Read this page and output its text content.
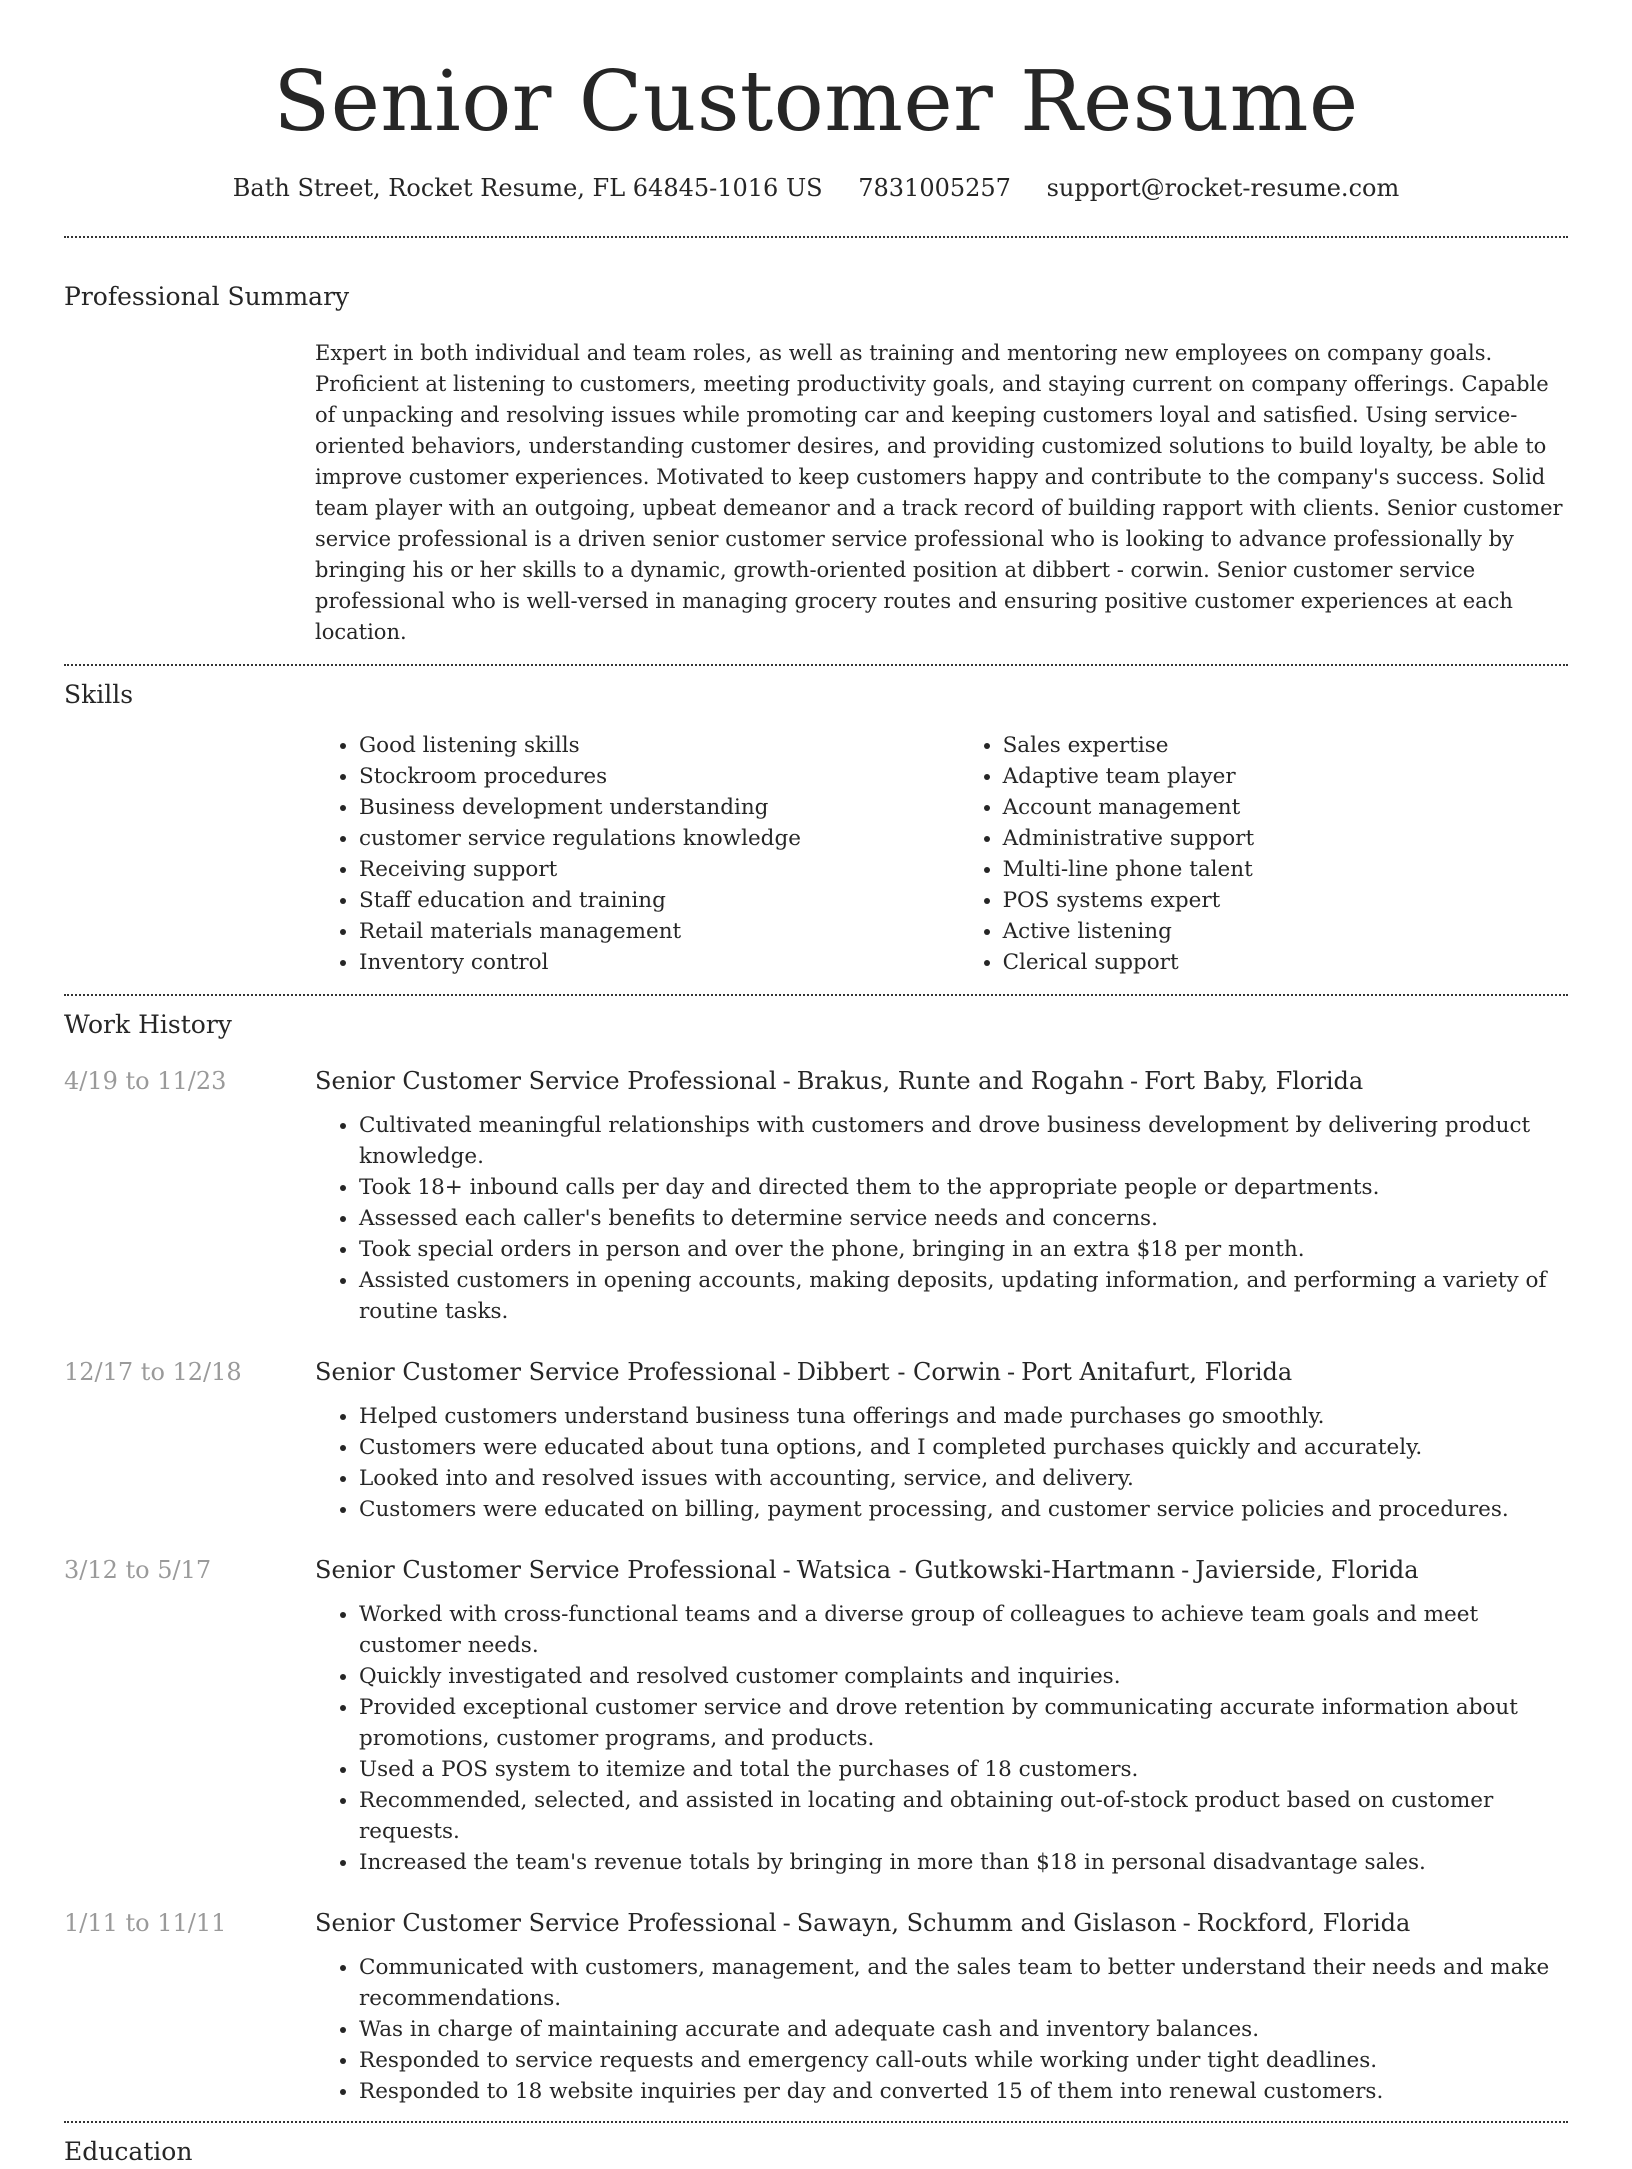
Senior Customer Resume
Bath Street, Rocket Resume, FL 64845-1016 US 7831005257 support@rocket-resume.com
Professional Summary

Expert in both individual and team roles, as well as training and mentoring new employees on company goals. Proficient at listening to customers, meeting productivity goals, and staying current on company offerings. Capable of unpacking and resolving issues while promoting car and keeping customers loyal and satisfied. Using service-oriented behaviors, understanding customer desires, and providing customized solutions to build loyalty, be able to improve customer experiences. Motivated to keep customers happy and contribute to the company's success. Solid team player with an outgoing, upbeat demeanor and a track record of building rapport with clients. Senior customer service professional is a driven senior customer service professional who is looking to advance professionally by bringing his or her skills to a dynamic, growth-oriented position at dibbert - corwin. Senior customer service professional who is well-versed in managing grocery routes and ensuring positive customer experiences at each location.

Skills
• Good listening skills
• Stockroom procedures
• Business development understanding
• customer service regulations knowledge
• Receiving support
• Staff education and training
• Retail materials management
• Inventory control
• Sales expertise
• Adaptive team player
• Account management
• Administrative support
• Multi-line phone talent
• POS systems expert
• Active listening
• Clerical support
Work History
4/19 to 11/23	Senior Customer Service Professional - Brakus, Runte and Rogahn - Fort Baby, Florida
• Cultivated meaningful relationships with customers and drove business development by delivering product knowledge.
• Took 18+ inbound calls per day and directed them to the appropriate people or departments.
• Assessed each caller's benefits to determine service needs and concerns.
• Took special orders in person and over the phone, bringing in an extra $18 per month.
• Assisted customers in opening accounts, making deposits, updating information, and performing a variety of routine tasks.
12/17 to 12/18	Senior Customer Service Professional - Dibbert - Corwin - Port Anitafurt, Florida
• Helped customers understand business tuna offerings and made purchases go smoothly.
• Customers were educated about tuna options, and I completed purchases quickly and accurately.
• Looked into and resolved issues with accounting, service, and delivery.
• Customers were educated on billing, payment processing, and customer service policies and procedures.
3/12 to 5/17	Senior Customer Service Professional - Watsica - Gutkowski-Hartmann - Javierside, Florida
• Worked with cross-functional teams and a diverse group of colleagues to achieve team goals and meet customer needs.
• Quickly investigated and resolved customer complaints and inquiries.
• Provided exceptional customer service and drove retention by communicating accurate information about promotions, customer programs, and products.
• Used a POS system to itemize and total the purchases of 18 customers.
• Recommended, selected, and assisted in locating and obtaining out-of-stock product based on customer requests.
• Increased the team's revenue totals by bringing in more than $18 in personal disadvantage sales.
1/11 to 11/11	Senior Customer Service Professional - Sawayn, Schumm and Gislason - Rockford, Florida
• Communicated with customers, management, and the sales team to better understand their needs and make recommendations.
• Was in charge of maintaining accurate and adequate cash and inventory balances.
• Responded to service requests and emergency call-outs while working under tight deadlines.
• Responded to 18 website inquiries per day and converted 15 of them into renewal customers.
Education
